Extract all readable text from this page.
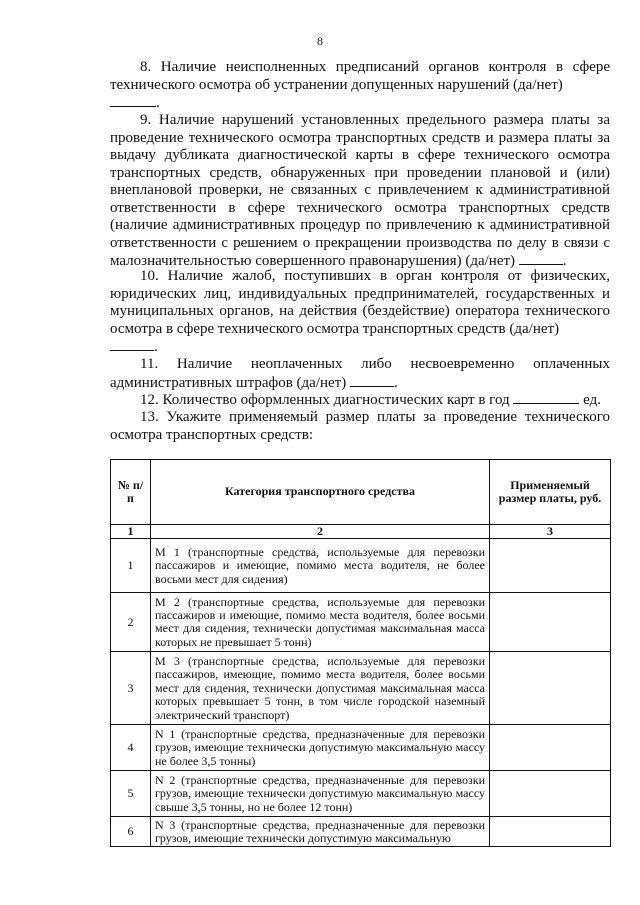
8

8. Наличие неисполненных предписаний органов контроля в сфере технического осмотра об устранении допущенных нарушений (да/нет)
.

9. Наличие нарушений установленных предельного размера платы за проведение технического осмотра транспортных средств и размера платы за выдачу дубликата диагностической карты в сфере технического осмотра транспортных средств, обнаруженных при проведении плановой и (или) внеплановой проверки, не связанных с привлечением к административной ответственности в сфере технического осмотра транспортных средств (наличие административных процедур по привлечению к административной ответственности с решением о прекращении производства по делу в связи с малозначительностью совершенного правонарушения) (да/нет)	.

10. Наличие жалоб, поступивших в орган контроля от физических, юридических лиц, индивидуальных предпринимателей, государственных и муниципальных органов, на действия (бездействие) оператора технического осмотра в сфере технического осмотра транспортных средств (да/нет)
.

11. Наличие неоплаченных либо несвоевременно оплаченных административных штрафов (да/нет)	.

12. Количество оформленных диагностических карт в год	ед.

13. Укажите применяемый размер платы за проведение технического осмотра транспортных средств:

№ п/п	Категория транспортного средства	Применяемый размер платы, руб.
1	2	3
1	М 1 (транспортные средства, используемые для перевозки пассажиров и имеющие, помимо места водителя, не более восьми мест для сидения)	
2	М 2 (транспортные средства, используемые для перевозки пассажиров и имеющие, помимо места водителя, более восьми мест для сидения, технически допустимая максимальная масса которых не превышает 5 тонн)	
3	М 3 (транспортные средства, используемые для перевозки пассажиров, имеющие, помимо места водителя, более восьми мест для сидения, технически допустимая максимальная масса которых превышает 5 тонн, в том числе городской наземный электрический транспорт)	
4	N 1 (транспортные средства, предназначенные для перевозки грузов, имеющие технически допустимую максимальную массу не более 3,5 тонны)	
5	N 2 (транспортные средства, предназначенные для перевозки грузов, имеющие технически допустимую максимальную массу свыше 3,5 тонны, но не более 12 тонн)	
6	N 3 (транспортные средства, предназначенные для перевозки грузов, имеющие технически допустимую максимальную	
